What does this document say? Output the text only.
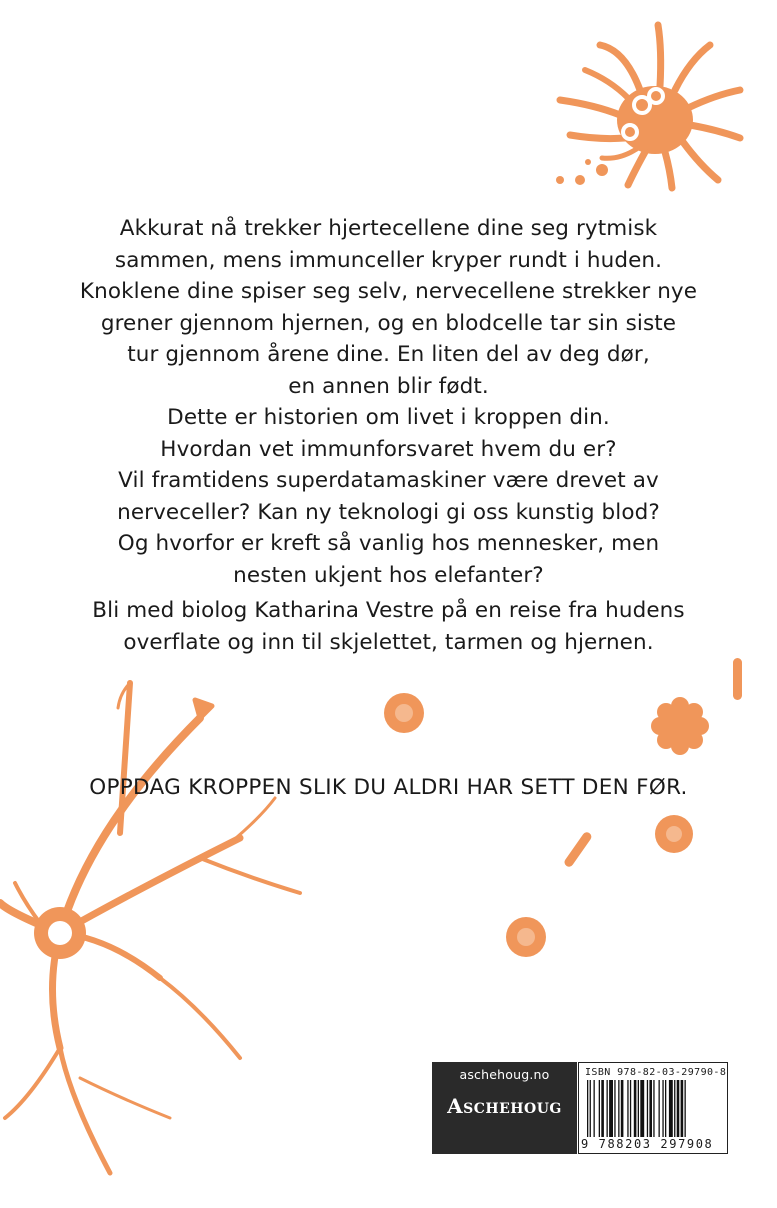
Akkurat nå trekker hjertecellene dine seg rytmisk
sammen, mens immunceller kryper rundt i huden.
Knoklene dine spiser seg selv, nervecellene strekker nye
grener gjennom hjernen, og en blodcelle tar sin siste
tur gjennom årene dine. En liten del av deg dør,
en annen blir født.
Dette er historien om livet i kroppen din.
Hvordan vet immunforsvaret hvem du er?
Vil framtidens superdatamaskiner være drevet av
nerveceller? Kan ny teknologi gi oss kunstig blod?
Og hvorfor er kreft så vanlig hos mennesker, men
nesten ukjent hos elefanter?
Bli med biolog Katharina Vestre på en reise fra hudens
overflate og inn til skjelettet, tarmen og hjernen.
OPPDAG KROPPEN SLIK DU ALDRI HAR SETT DEN FØR.
aschehoug.no
Aschehoug
ISBN 978-82-03-29790-8
9 788203 297908
